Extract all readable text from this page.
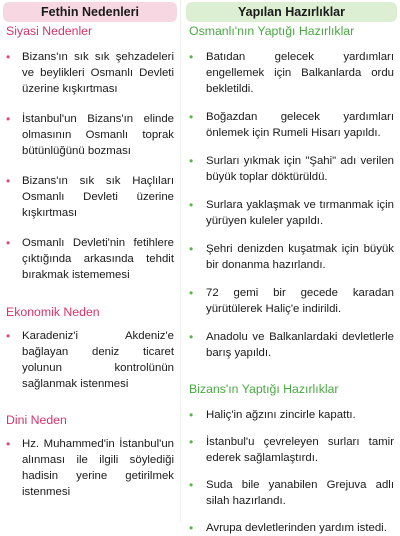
Fethin Nedenleri
Siyasi Nedenler
• Bizans'ın sık sık şehzadeleri ve beylikleri Osmanlı Devleti üzerine kışkırtması
• İstanbul'un Bizans'ın elinde olmasının Osmanlı toprak bütünlüğünü bozması
• Bizans'ın sık sık Haçlıları Osmanlı Devleti üzerine kışkırtması
• Osmanlı Devleti'nin fetihlere çıktığında arkasında tehdit bırakmak istememesi
Ekonomik Neden
• Karadeniz'i Akdeniz'e bağlayan deniz ticaret yolunun kontrolünün sağlanmak istenmesi
Dini Neden
• Hz. Muhammed'in İstanbul'un alınması ile ilgili söylediği hadisin yerine getirilmek istenmesi
Yapılan Hazırlıklar
Osmanlı'nın Yaptığı Hazırlıklar
• Batıdan gelecek yardımları engellemek için Balkanlarda ordu bekletildi.
• Boğazdan gelecek yardımları önlemek için Rumeli Hisarı yapıldı.
• Surları yıkmak için "Şahi" adı verilen büyük toplar döktürüldü.
• Surlara yaklaşmak ve tırmanmak için yürüyen kuleler yapıldı.
• Şehri denizden kuşatmak için büyük bir donanma hazırlandı.
• 72 gemi bir gecede karadan yürütülerek Haliç'e indirildi.
• Anadolu ve Balkanlardaki devletlerle barış yapıldı.
Bizans'ın Yaptığı Hazırlıklar
• Haliç'in ağzını zincirle kapattı.
• İstanbul'u çevreleyen surları tamir ederek sağlamlaştırdı.
• Suda bile yanabilen Grejuva adlı silah hazırlandı.
• Avrupa devletlerinden yardım istedi.
